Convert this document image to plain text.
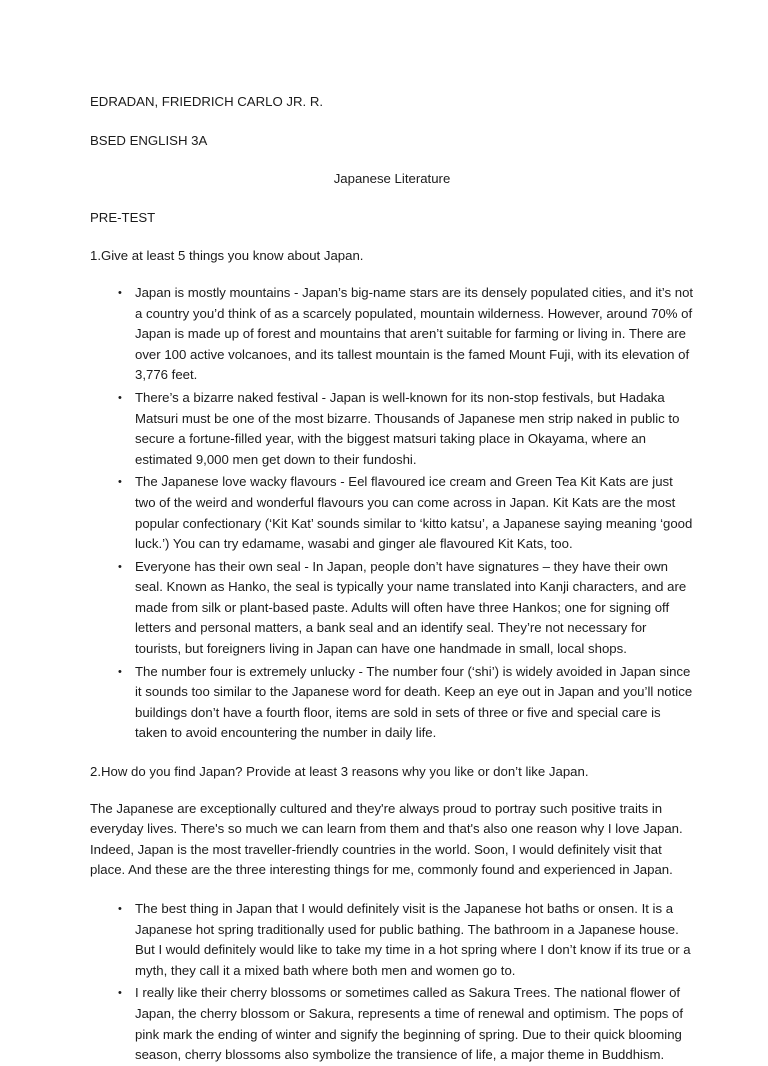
EDRADAN, FRIEDRICH CARLO JR. R.

BSED ENGLISH 3A

Japanese Literature

PRE-TEST

1.Give at least 5 things you know about Japan.

• Japan is mostly mountains - Japan’s big-name stars are its densely populated cities, and it’s not a country you’d think of as a scarcely populated, mountain wilderness. However, around 70% of Japan is made up of forest and mountains that aren’t suitable for farming or living in. There are over 100 active volcanoes, and its tallest mountain is the famed Mount Fuji, with its elevation of 3,776 feet.
• There’s a bizarre naked festival - Japan is well-known for its non-stop festivals, but Hadaka Matsuri must be one of the most bizarre. Thousands of Japanese men strip naked in public to secure a fortune-filled year, with the biggest matsuri taking place in Okayama, where an estimated 9,000 men get down to their fundoshi.
• The Japanese love wacky flavours - Eel flavoured ice cream and Green Tea Kit Kats are just two of the weird and wonderful flavours you can come across in Japan. Kit Kats are the most popular confectionary (‘Kit Kat’ sounds similar to ‘kitto katsu’, a Japanese saying meaning ‘good luck.’) You can try edamame, wasabi and ginger ale flavoured Kit Kats, too.
• Everyone has their own seal - In Japan, people don’t have signatures – they have their own seal. Known as Hanko, the seal is typically your name translated into Kanji characters, and are made from silk or plant-based paste. Adults will often have three Hankos; one for signing off letters and personal matters, a bank seal and an identify seal. They’re not necessary for tourists, but foreigners living in Japan can have one handmade in small, local shops.
• The number four is extremely unlucky - The number four (‘shi’) is widely avoided in Japan since it sounds too similar to the Japanese word for death. Keep an eye out in Japan and you’ll notice buildings don’t have a fourth floor, items are sold in sets of three or five and special care is taken to avoid encountering the number in daily life.

2.How do you find Japan? Provide at least 3 reasons why you like or don’t like Japan.

The Japanese are exceptionally cultured and they're always proud to portray such positive traits in everyday lives. There's so much we can learn from them and that's also one reason why I love Japan. Indeed, Japan is the most traveller-friendly countries in the world. Soon, I would definitely visit that place. And these are the three interesting things for me, commonly found and experienced in Japan.

• The best thing in Japan that I would definitely visit is the Japanese hot baths or onsen. It is a Japanese hot spring traditionally used for public bathing. The bathroom in a Japanese house. But I would definitely would like to take my time in a hot spring where I don’t know if its true or a myth, they call it a mixed bath where both men and women go to.
• I really like their cherry blossoms or sometimes called as Sakura Trees. The national flower of Japan, the cherry blossom or Sakura, represents a time of renewal and optimism. The pops of pink mark the ending of winter and signify the beginning of spring. Due to their quick blooming season, cherry blossoms also symbolize the transience of life, a major theme in Buddhism.
